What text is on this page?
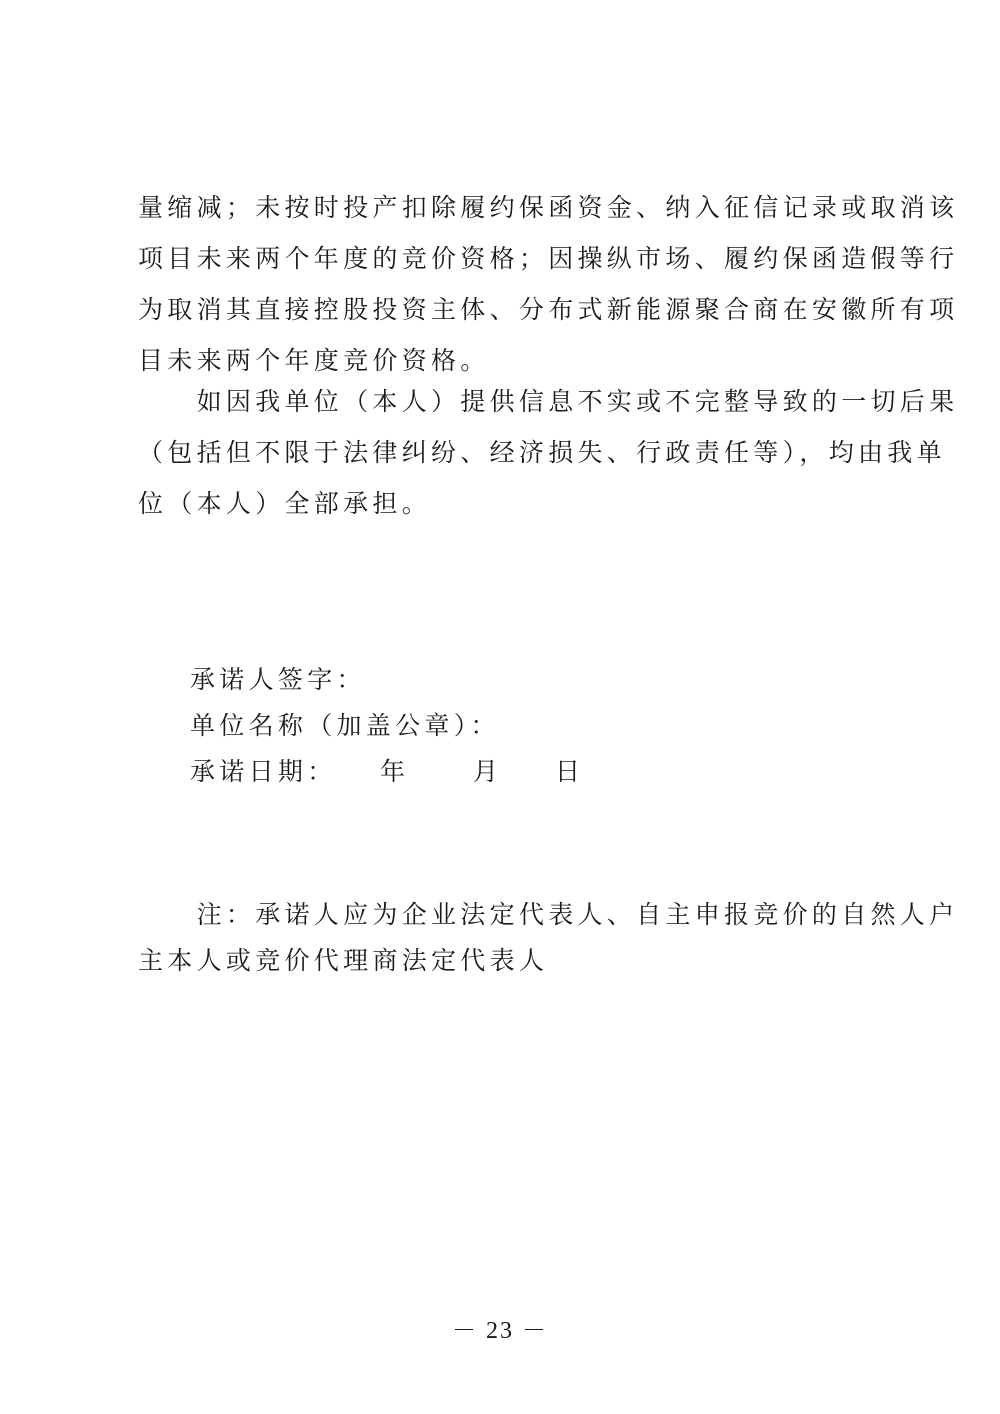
量缩减；未按时投产扣除履约保函资金、纳入征信记录或取消该
项目未来两个年度的竞价资格；因操纵市场、履约保函造假等行
为取消其直接控股投资主体、分布式新能源聚合商在安徽所有项
目未来两个年度竞价资格。

　　如因我单位（本人）提供信息不实或不完整导致的一切后果
（包括但不限于法律纠纷、经济损失、行政责任等），均由我单
位（本人）全部承担。

承诺人签字：
单位名称（加盖公章）：
承诺日期： 年	月 日

　　注：承诺人应为企业法定代表人、自主申报竞价的自然人户
主本人或竞价代理商法定代表人

－ 23 －
